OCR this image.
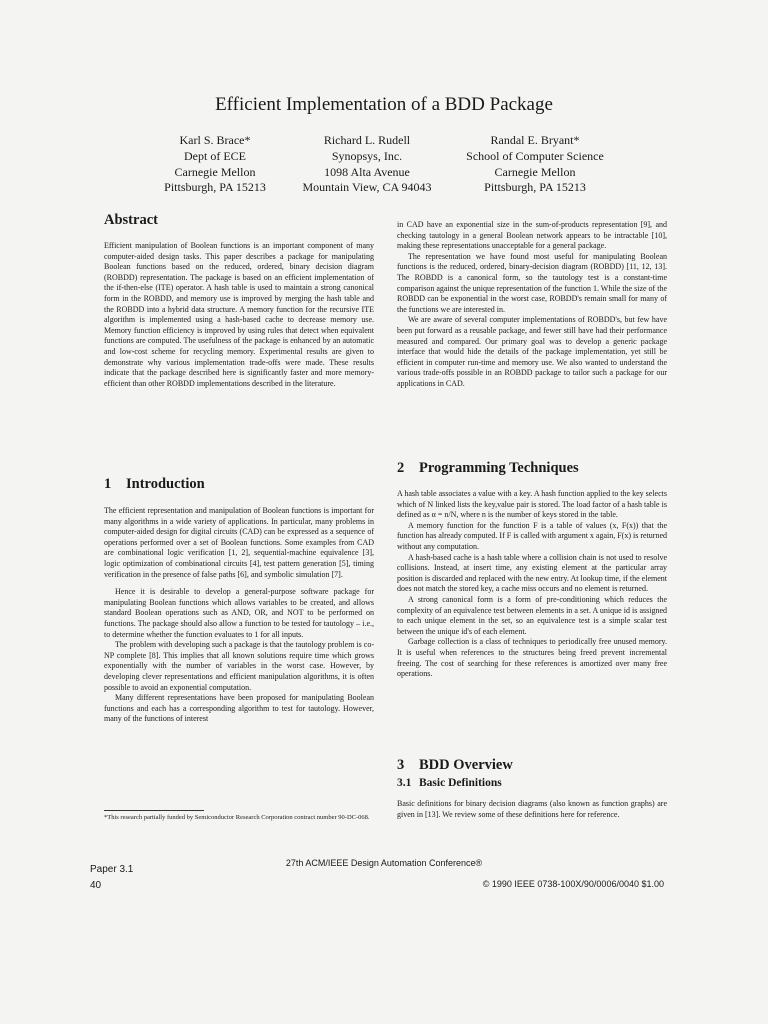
Efficient Implementation of a BDD Package
Karl S. Brace*
Dept of ECE
Carnegie Mellon
Pittsburgh, PA 15213
Richard L. Rudell
Synopsys, Inc.
1098 Alta Avenue
Mountain View, CA 94043
Randal E. Bryant*
School of Computer Science
Carnegie Mellon
Pittsburgh, PA 15213
Abstract

Efficient manipulation of Boolean functions is an important component of many computer-aided design tasks. This paper describes a package for manipulating Boolean functions based on the reduced, ordered, binary decision diagram (ROBDD) representation. The package is based on an efficient implementation of the if-then-else (ITE) operator. A hash table is used to maintain a strong canonical form in the ROBDD, and memory use is improved by merging the hash table and the ROBDD into a hybrid data structure. A memory function for the recursive ITE algorithm is implemented using a hash-based cache to decrease memory use. Memory function efficiency is improved by using rules that detect when equivalent functions are computed. The usefulness of the package is enhanced by an automatic and low-cost scheme for recycling memory. Experimental results are given to demonstrate why various implementation trade-offs were made. These results indicate that the package described here is significantly faster and more memory-efficient than other ROBDD implementations described in the literature.

1 Introduction

The efficient representation and manipulation of Boolean functions is important for many algorithms in a wide variety of applications. In particular, many problems in computer-aided design for digital circuits (CAD) can be expressed as a sequence of operations performed over a set of Boolean functions. Some examples from CAD are combinational logic verification [1, 2], sequential-machine equivalence [3], logic optimization of combinational circuits [4], test pattern generation [5], timing verification in the presence of false paths [6], and symbolic simulation [7].

Hence it is desirable to develop a general-purpose software package for manipulating Boolean functions which allows variables to be created, and allows standard Boolean operations such as AND, OR, and NOT to be performed on functions. The package should also allow a function to be tested for tautology – i.e., to determine whether the function evaluates to 1 for all inputs.

The problem with developing such a package is that the tautology problem is co-NP complete [8]. This implies that all known solutions require time which grows exponentially with the number of variables in the worst case. However, by developing clever representations and efficient manipulation algorithms, it is often possible to avoid an exponential computation.

Many different representations have been proposed for manipulating Boolean functions and each has a corresponding algorithm to test for tautology. However, many of the functions of interest

*This research partially funded by Semiconductor Research Corporation contract number 90-DC-068.

in CAD have an exponential size in the sum-of-products representation [9], and checking tautology in a general Boolean network appears to be intractable [10], making these representations unacceptable for a general package.

The representation we have found most useful for manipulating Boolean functions is the reduced, ordered, binary-decision diagram (ROBDD) [11, 12, 13]. The ROBDD is a canonical form, so the tautology test is a constant-time comparison against the unique representation of the function 1. While the size of the ROBDD can be exponential in the worst case, ROBDD's remain small for many of the functions we are interested in.

We are aware of several computer implementations of ROBDD's, but few have been put forward as a reusable package, and fewer still have had their performance measured and compared. Our primary goal was to develop a generic package interface that would hide the details of the package implementation, yet still be efficient in computer run-time and memory use. We also wanted to understand the various trade-offs possible in an ROBDD package to tailor such a package for our applications in CAD.

2 Programming Techniques

A hash table associates a value with a key. A hash function applied to the key selects which of N linked lists the key,value pair is stored. The load factor of a hash table is defined as α = n/N, where n is the number of keys stored in the table.

A memory function for the function F is a table of values (x, F(x)) that the function has already computed. If F is called with argument x again, F(x) is returned without any computation.

A hash-based cache is a hash table where a collision chain is not used to resolve collisions. Instead, at insert time, any existing element at the particular array position is discarded and replaced with the new entry. At lookup time, if the element does not match the stored key, a cache miss occurs and no element is returned.

A strong canonical form is a form of pre-conditioning which reduces the complexity of an equivalence test between elements in a set. A unique id is assigned to each unique element in the set, so an equivalence test is a simple scalar test between the unique id's of each element.

Garbage collection is a class of techniques to periodically free unused memory. It is useful when references to the structures being freed prevent incremental freeing. The cost of searching for these references is amortized over many free operations.

3 BDD Overview
3.1 Basic Definitions

Basic definitions for binary decision diagrams (also known as function graphs) are given in [13]. We review some of these definitions here for reference.

27th ACM/IEEE Design Automation Conference®
Paper 3.1
40	© 1990 IEEE 0738-100X/90/0006/0040 $1.00
